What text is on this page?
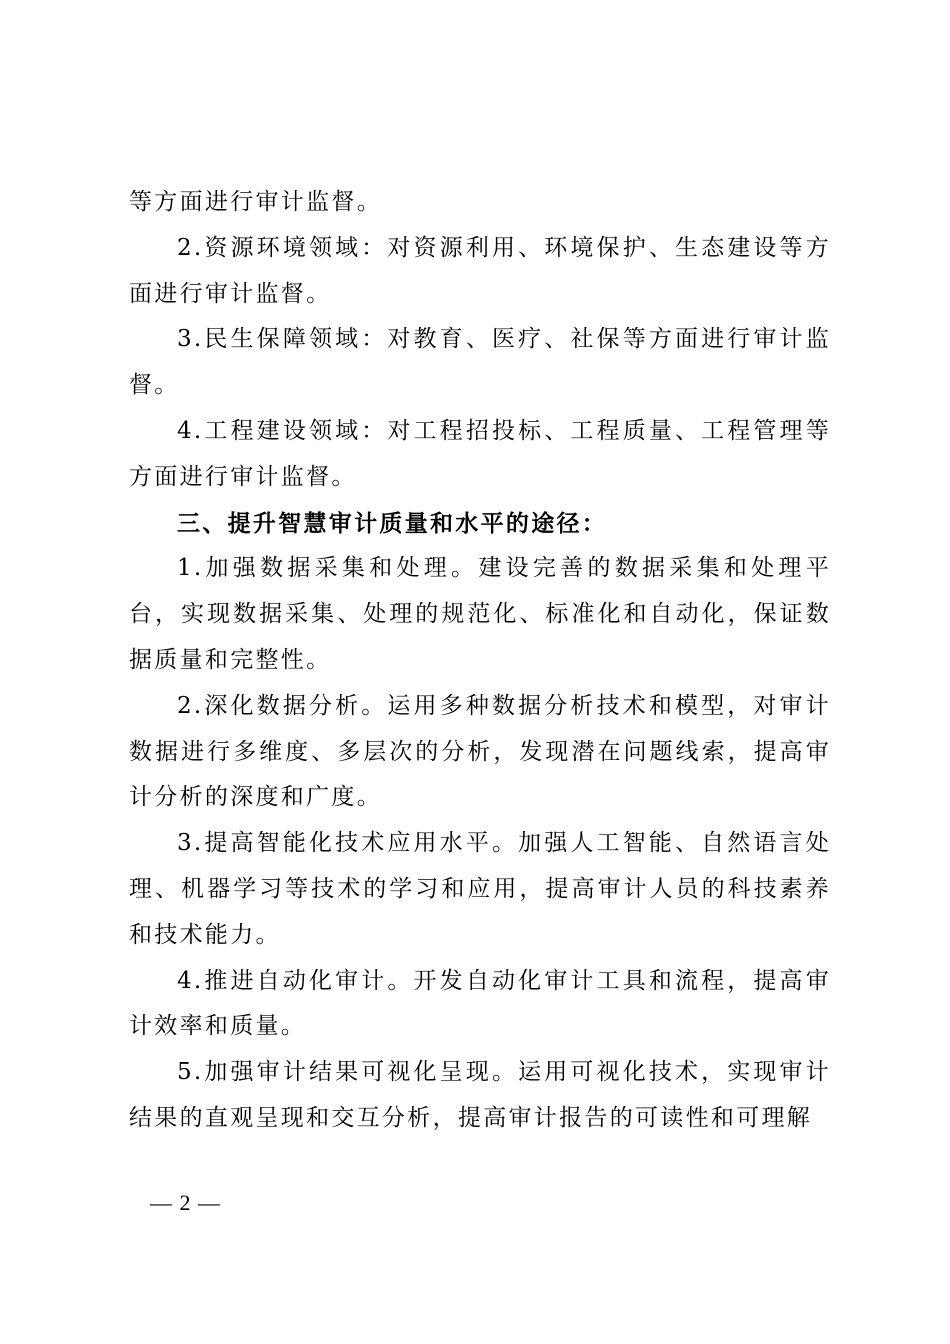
等方面进行审计监督。

2.资源环境领域：对资源利用、环境保护、生态建设等方面进行审计监督。

3.民生保障领域：对教育、医疗、社保等方面进行审计监督。

4.工程建设领域：对工程招投标、工程质量、工程管理等方面进行审计监督。

三、提升智慧审计质量和水平的途径：

1.加强数据采集和处理。建设完善的数据采集和处理平台，实现数据采集、处理的规范化、标准化和自动化，保证数据质量和完整性。

2.深化数据分析。运用多种数据分析技术和模型，对审计数据进行多维度、多层次的分析，发现潜在问题线索，提高审计分析的深度和广度。

3.提高智能化技术应用水平。加强人工智能、自然语言处理、机器学习等技术的学习和应用，提高审计人员的科技素养和技术能力。

4.推进自动化审计。开发自动化审计工具和流程，提高审计效率和质量。

5.加强审计结果可视化呈现。运用可视化技术，实现审计结果的直观呈现和交互分析，提高审计报告的可读性和可理解

— 2 —
